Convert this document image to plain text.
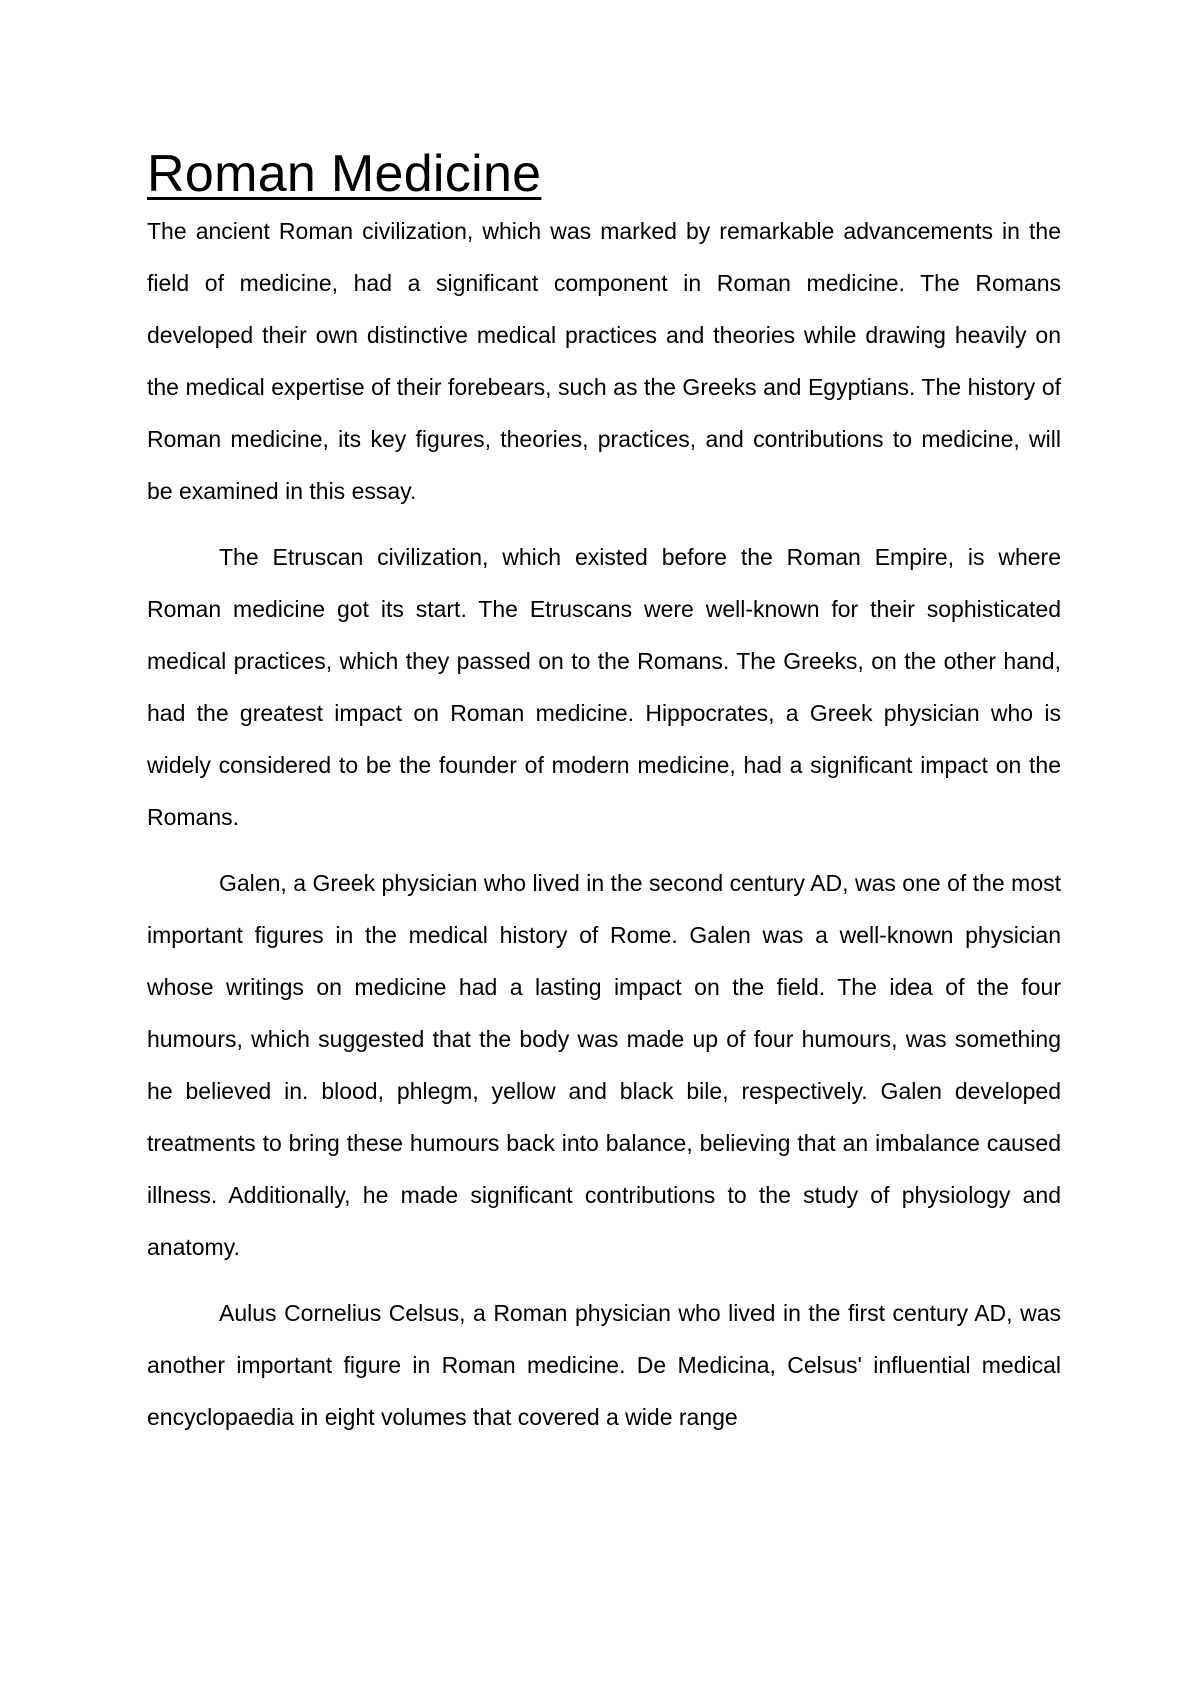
Roman Medicine

The ancient Roman civilization, which was marked by remarkable advancements in the field of medicine, had a significant component in Roman medicine. The Romans developed their own distinctive medical practices and theories while drawing heavily on the medical expertise of their forebears, such as the Greeks and Egyptians. The history of Roman medicine, its key figures, theories, practices, and contributions to medicine, will be examined in this essay.

The Etruscan civilization, which existed before the Roman Empire, is where Roman medicine got its start. The Etruscans were well-known for their sophisticated medical practices, which they passed on to the Romans. The Greeks, on the other hand, had the greatest impact on Roman medicine. Hippocrates, a Greek physician who is widely considered to be the founder of modern medicine, had a significant impact on the Romans.

Galen, a Greek physician who lived in the second century AD, was one of the most important figures in the medical history of Rome. Galen was a well-known physician whose writings on medicine had a lasting impact on the field. The idea of the four humours, which suggested that the body was made up of four humours, was something he believed in. blood, phlegm, yellow and black bile, respectively. Galen developed treatments to bring these humours back into balance, believing that an imbalance caused illness. Additionally, he made significant contributions to the study of physiology and anatomy.

Aulus Cornelius Celsus, a Roman physician who lived in the first century AD, was another important figure in Roman medicine. De Medicina, Celsus' influential medical encyclopaedia in eight volumes that covered a wide range
